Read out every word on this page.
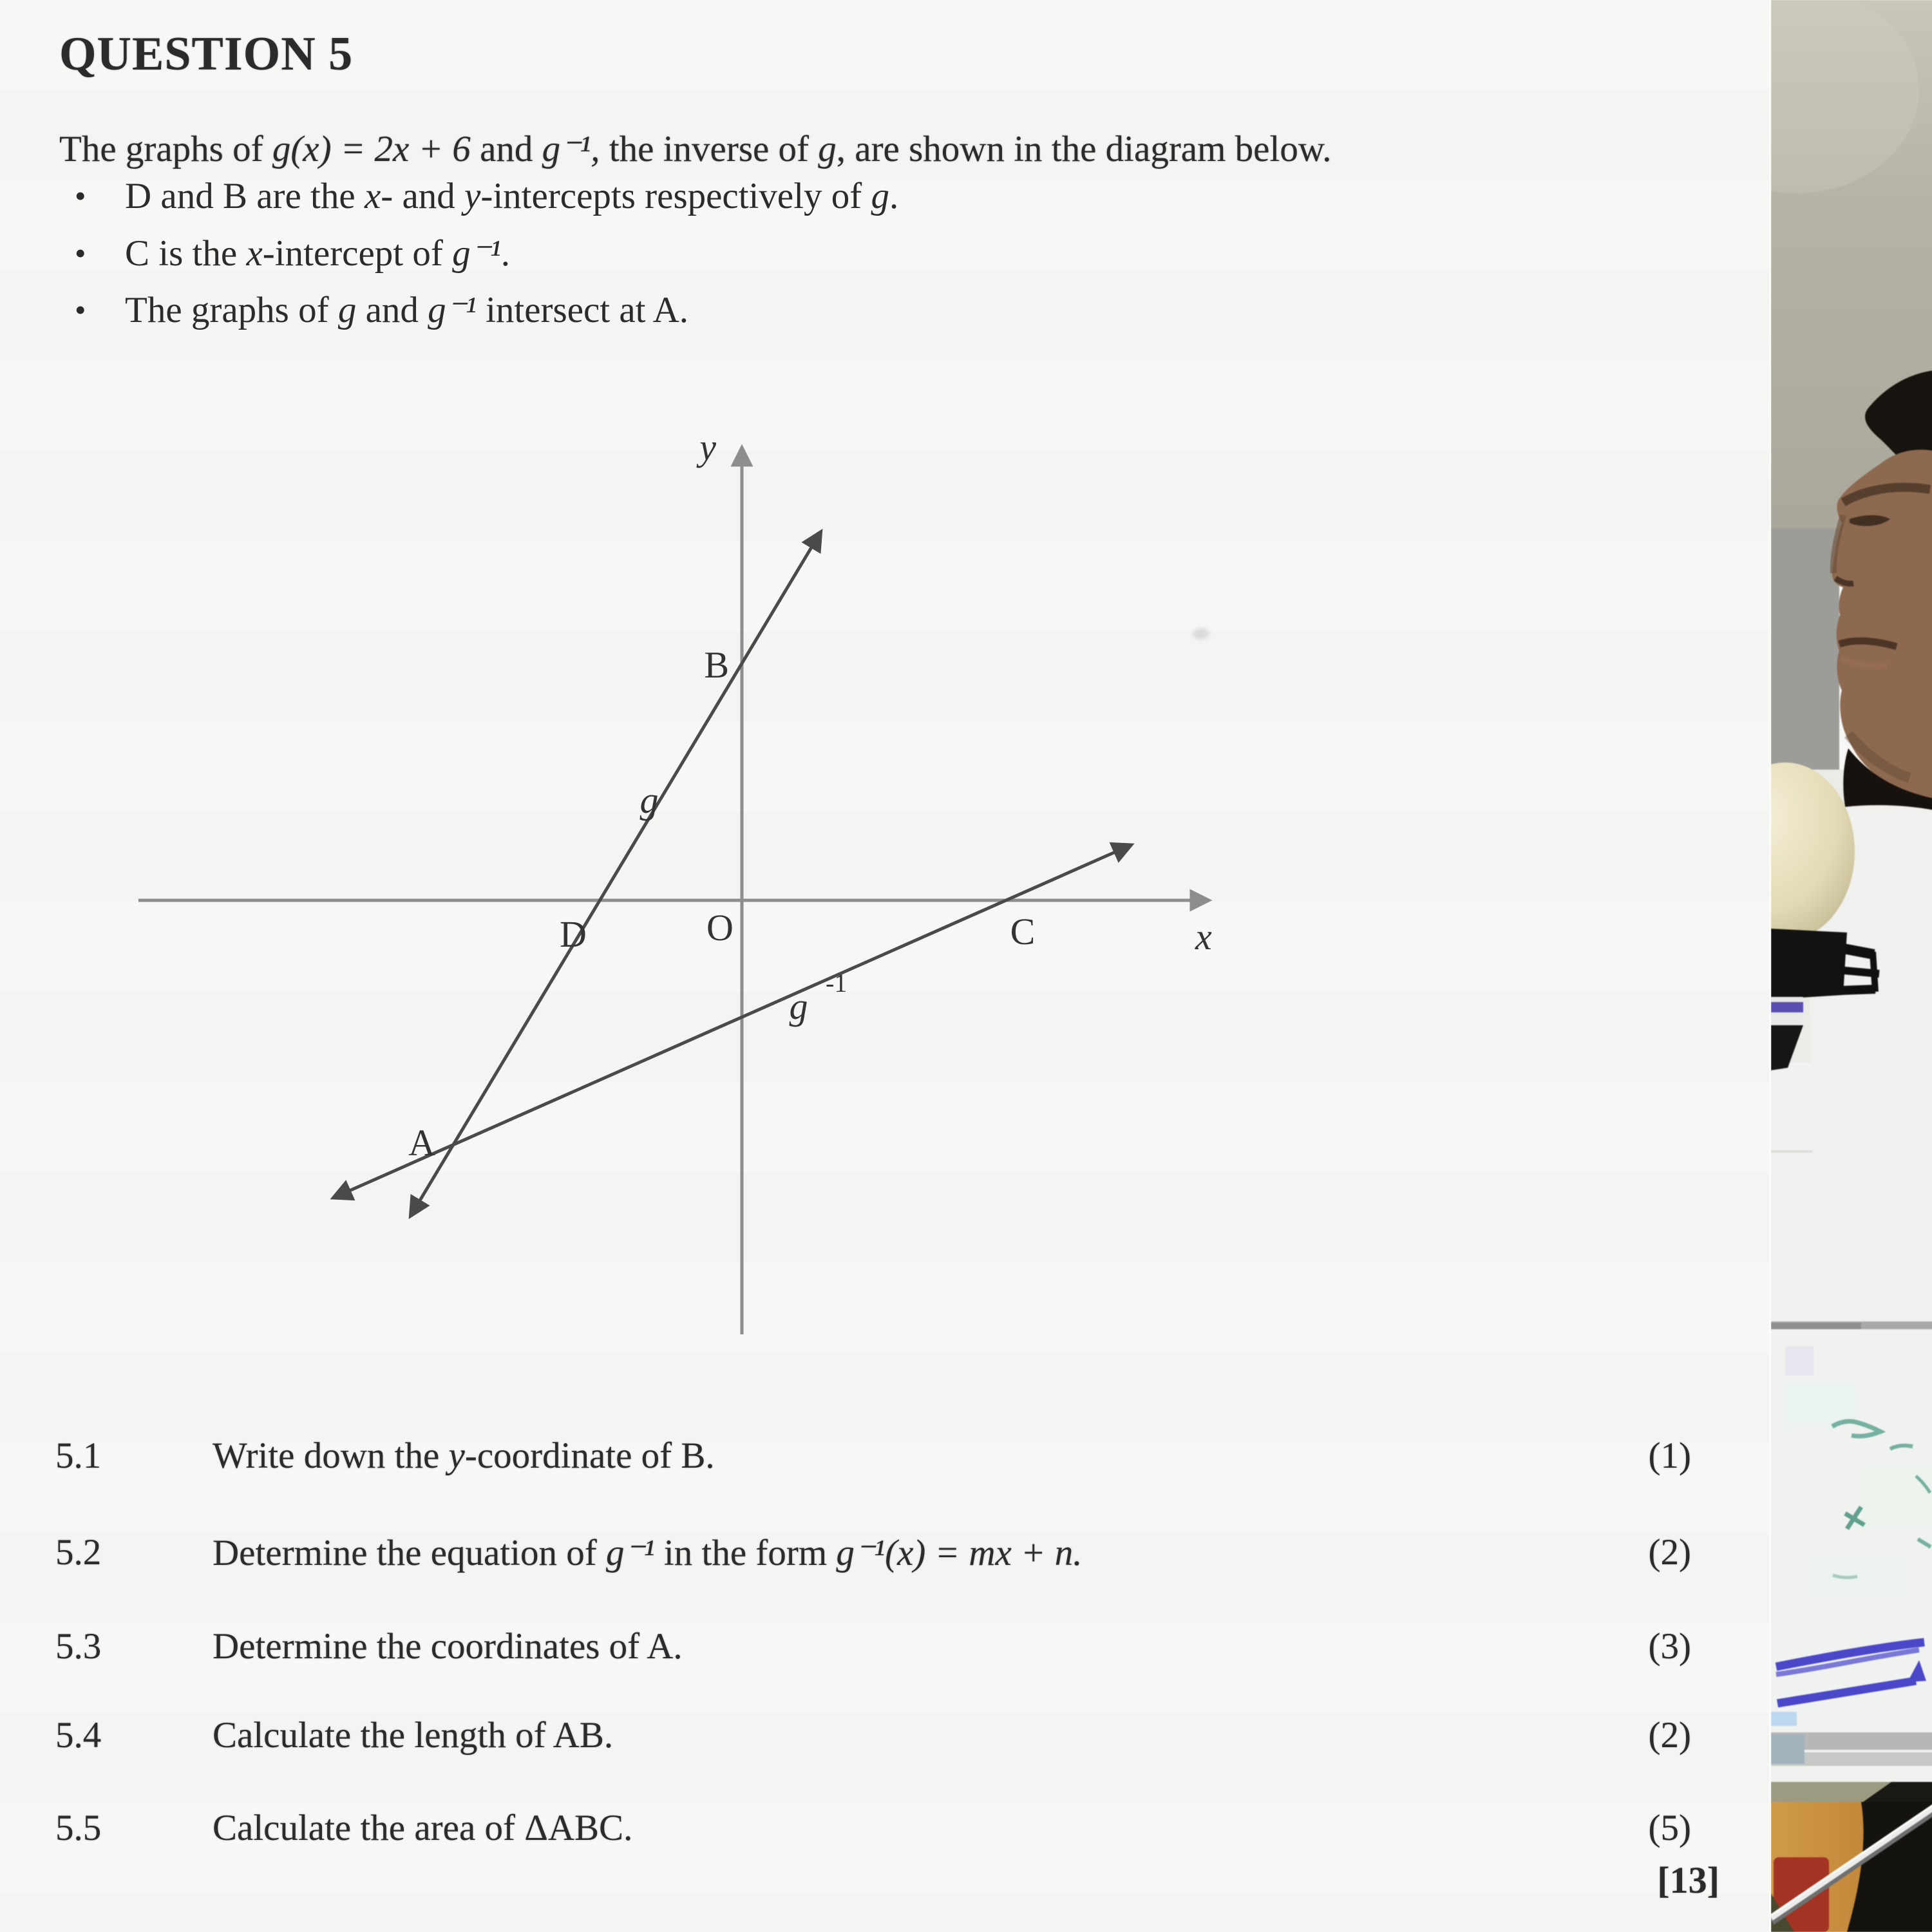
QUESTION 5
The graphs of g(x) = 2x + 6 and g⁻¹, the inverse of g, are shown in the diagram below.
• D and B are the x- and y-intercepts respectively of g.
• C is the x-intercept of g⁻¹.
• The graphs of g and g⁻¹ intersect at A.
y
x
O
B
D	C
A
g
g
-1
5.1	Write down the y-coordinate of B.	(1)
5.2	Determine the equation of g⁻¹ in the form g⁻¹(x) = mx + n.	(2)
5.3	Determine the coordinates of A.	(3)
5.4	Calculate the length of AB.	(2)
5.5	Calculate the area of ΔABC.	(5)
[13]
